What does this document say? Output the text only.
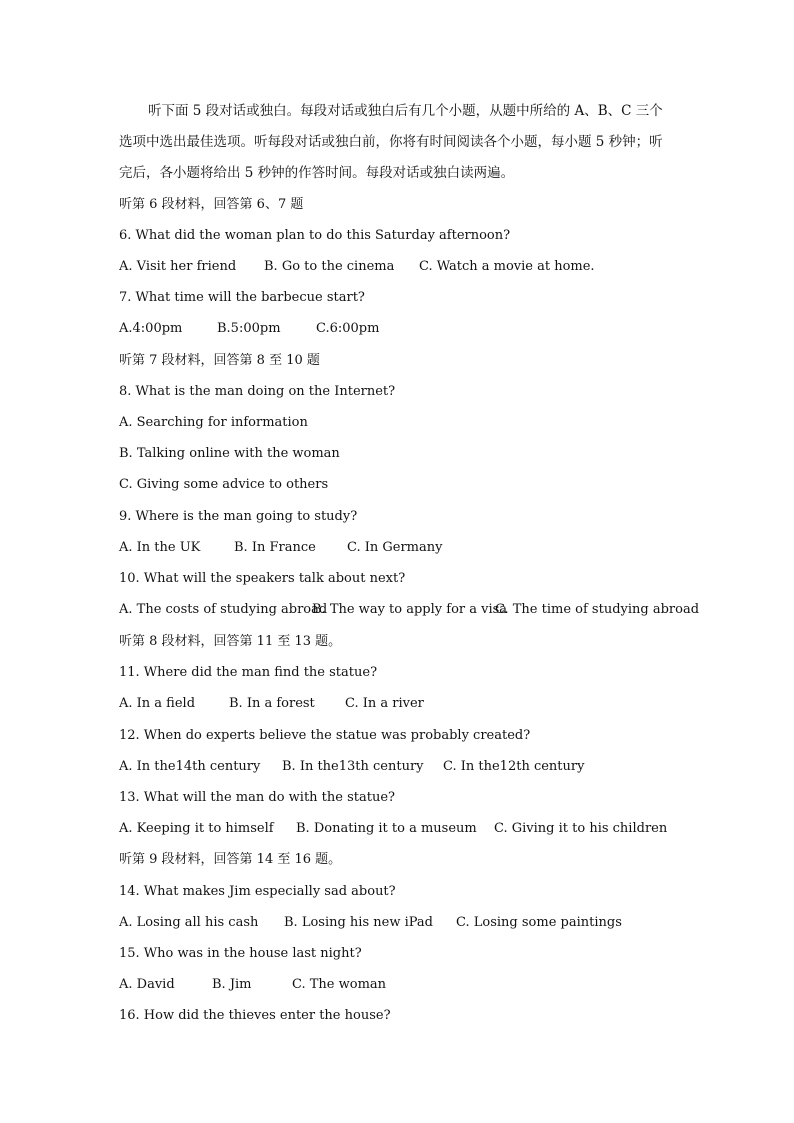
听下面 5 段对话或独白。每段对话或独白后有几个小题，从题中所给的 A、B、C 三个
选项中选出最佳选项。听每段对话或独白前，你将有时间阅读各个小题，每小题 5 秒钟；听
完后，各小题将给出 5 秒钟的作答时间。每段对话或独白读两遍。
听第 6 段材料，回答第 6、7 题
6. What did the woman plan to do this Saturday afternoon?
A. Visit her friend B. Go to the cinema C. Watch a movie at home.
7. What time will the barbecue start?
A.4:00pm	B.5:00pm	C.6:00pm
听第 7 段材料，回答第 8 至 10 题
8. What is the man doing on the Internet?
A. Searching for information
B. Talking online with the woman
C. Giving some advice to others
9. Where is the man going to study?
A. In the UK	B. In France C. In Germany
10. What will the speakers talk about next?
A. The costs of studying abroadB. The way to apply for a visaC. The time of studying abroad
听第 8 段材料，回答第 11 至 13 题。
11. Where did the man find the statue?
A. In a field	B. In a forest C. In a river
12. When do experts believe the statue was probably created?
A. In the14th century B. In the13th century C. In the12th century
13. What will the man do with the statue?
A. Keeping it to himself B. Donating it to a museum C. Giving it to his children
听第 9 段材料，回答第 14 至 16 题。
14. What makes Jim especially sad about?
A. Losing all his cash B. Losing his new iPad C. Losing some paintings
15. Who was in the house last night?
A. David	B. Jim	C. The woman
16. How did the thieves enter the house?
